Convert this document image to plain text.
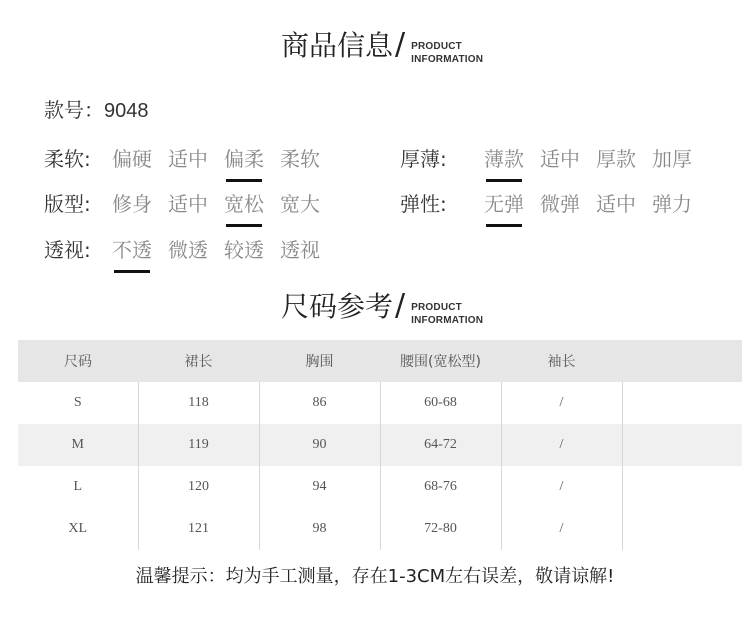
商品信息 / PRODUCT
INFORMATION
款号：9048
柔软:	偏硬 适中 偏柔 柔软	厚薄:	薄款 适中 厚款 加厚
版型:	修身 适中 宽松 宽大	弹性:	无弹 微弹 适中 弹力
透视:	不透 微透 较透 透视
尺码参考 / PRODUCT
INFORMATION
尺码	裙长	胸围	腰围(宽松型)	袖长	
S	118	86	60-68	/	
M	119	90	64-72	/	
L	120	94	68-76	/	
XL	121	98	72-80	/	
温馨提示：均为手工测量，存在1-3CM左右误差，敬请谅解!
